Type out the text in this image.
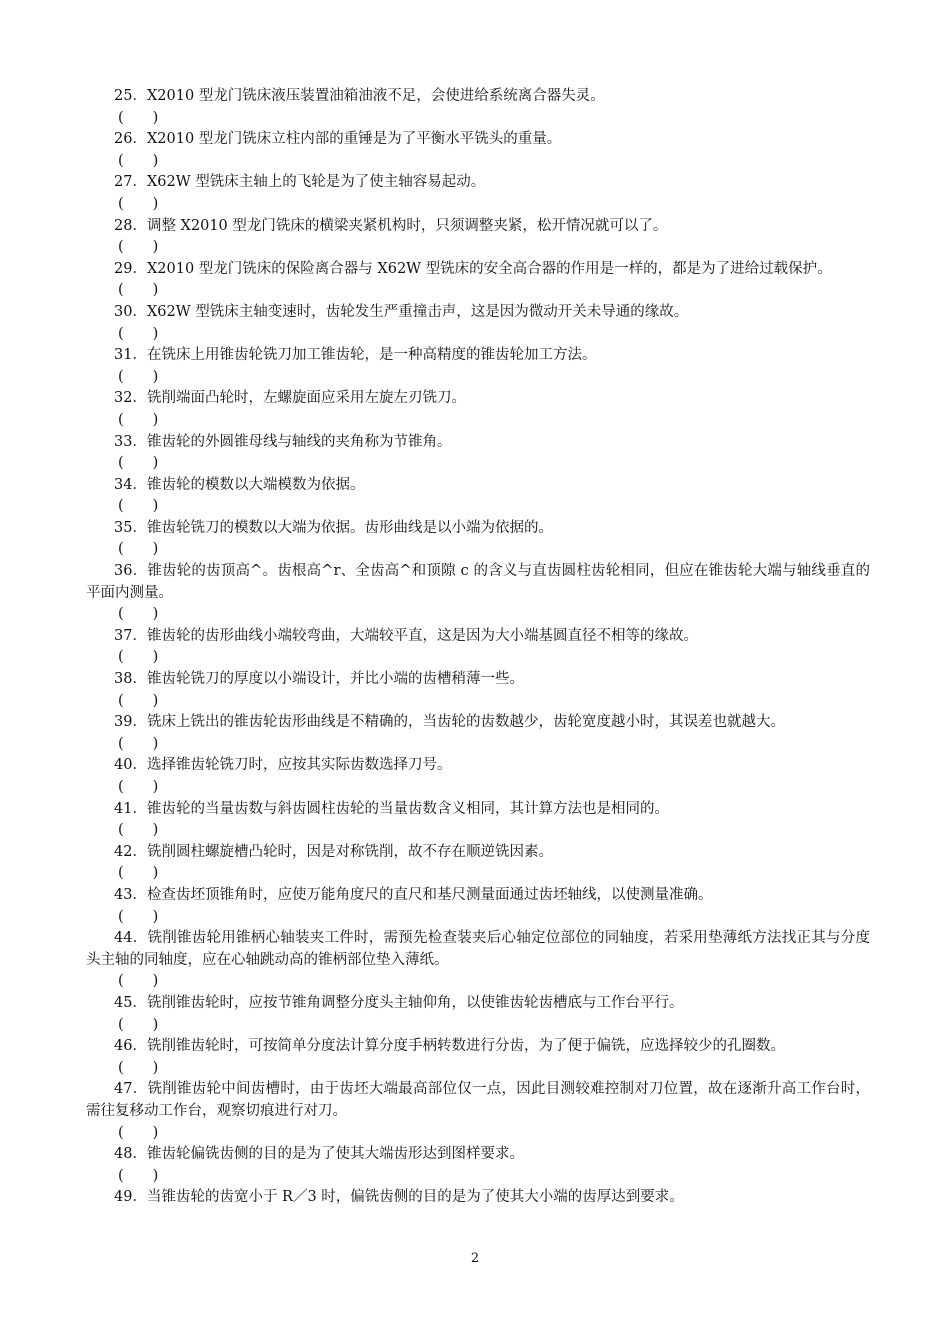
25．X2010 型龙门铣床液压装置油箱油液不足，会使进给系统离合器失灵。
(　　)
26．X2010 型龙门铣床立柱内部的重锤是为了平衡水平铣头的重量。
(　　)
27．X62W 型铣床主轴上的飞轮是为了使主轴容易起动。
(　　)
28．调整 X2010 型龙门铣床的横梁夹紧机构时，只须调整夹紧，松开情况就可以了。
(　　)
29．X2010 型龙门铣床的保险离合器与 X62W 型铣床的安全高合器的作用是一样的，都是为了进给过载保护。
(　　)
30．X62W 型铣床主轴变速时，齿轮发生严重撞击声，这是因为微动开关未导通的缘故。
(　　)
31．在铣床上用锥齿轮铣刀加工锥齿轮，是一种高精度的锥齿轮加工方法。
(　　)
32．铣削端面凸轮时，左螺旋面应采用左旋左刃铣刀。
(　　)
33．锥齿轮的外圆锥母线与轴线的夹角称为节锥角。
(　　)
34．锥齿轮的模数以大端模数为依据。
(　　)
35．锥齿轮铣刀的模数以大端为依据。齿形曲线是以小端为依据的。
(　　)
36．锥齿轮的齿顶高^。齿根高^r、全齿高^和顶隙 c 的含义与直齿圆柱齿轮相同，但应在锥齿轮大端与轴线垂直的平面内测量。
(　　)
37．锥齿轮的齿形曲线小端较弯曲，大端较平直，这是因为大小端基圆直径不相等的缘故。
(　　)
38．锥齿轮铣刀的厚度以小端设计，并比小端的齿槽稍薄一些。
(　　)
39．铣床上铣出的锥齿轮齿形曲线是不精确的，当齿轮的齿数越少，齿轮宽度越小时，其误差也就越大。
(　　)
40．选择锥齿轮铣刀时，应按其实际齿数选择刀号。
(　　)
41．锥齿轮的当量齿数与斜齿圆柱齿轮的当量齿数含义相同，其计算方法也是相同的。
(　　)
42．铣削圆柱螺旋槽凸轮时，因是对称铣削，故不存在顺逆铣因素。
(　　)
43．检查齿坯顶锥角时，应使万能角度尺的直尺和基尺测量面通过齿坯轴线，以使测量准确。
(　　)
44．铣削锥齿轮用锥柄心轴装夹工件时，需预先检查装夹后心轴定位部位的同轴度，若采用垫薄纸方法找正其与分度头主轴的同轴度，应在心轴跳动高的锥柄部位垫入薄纸。
(　　)
45．铣削锥齿轮时，应按节锥角调整分度头主轴仰角，以使锥齿轮齿槽底与工作台平行。
(　　)
46．铣削锥齿轮时，可按简单分度法计算分度手柄转数进行分齿，为了便于偏铣，应选择较少的孔圈数。
(　　)
47．铣削锥齿轮中间齿槽时，由于齿坯大端最高部位仅一点，因此目测较难控制对刀位置，故在逐渐升高工作台时，需往复移动工作台，观察切痕进行对刀。
(　　)
48．锥齿轮偏铣齿侧的目的是为了使其大端齿形达到图样要求。
(　　)
49．当锥齿轮的齿宽小于 R／3 时，偏铣齿侧的目的是为了使其大小端的齿厚达到要求。
2
